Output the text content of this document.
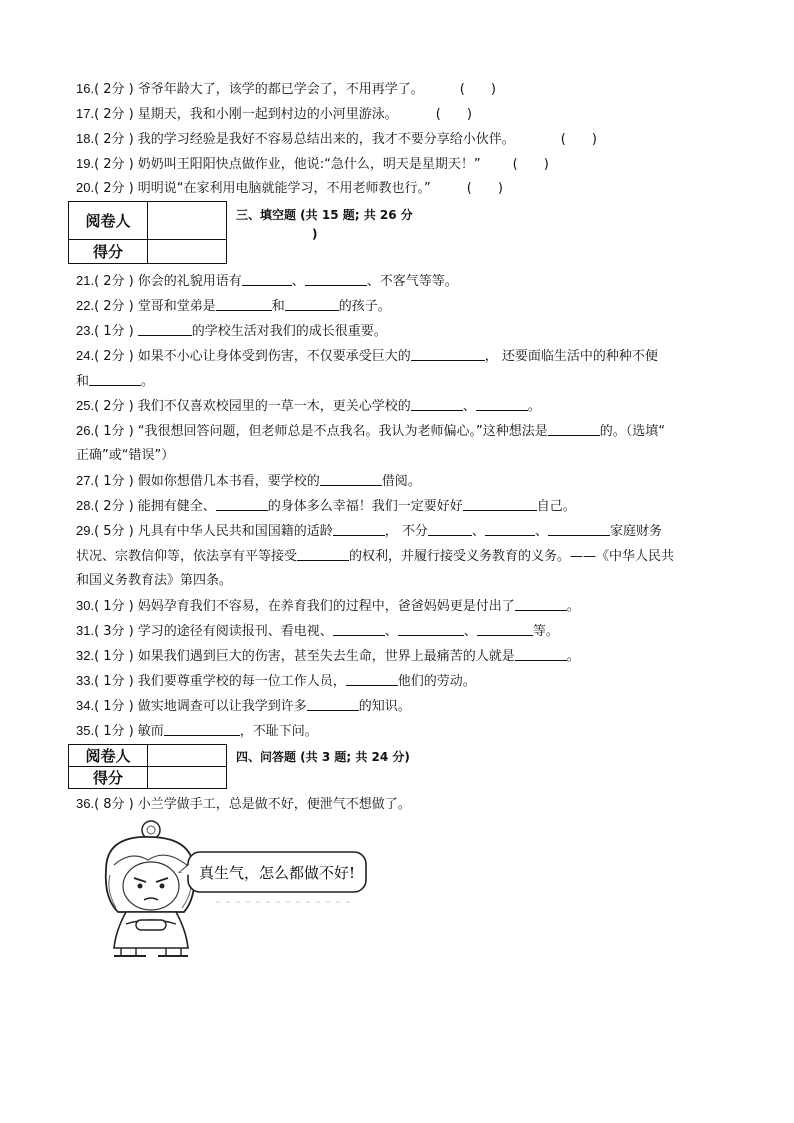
16.( 2分 ) 爷爷年龄大了，该学的都已学会了，不用再学了。	(　　)
17.( 2分 ) 星期天，我和小刚一起到村边的小河里游泳。	(　　)
18.( 2分 ) 我的学习经验是我好不容易总结出来的，我才不要分享给小伙伴。	(　　)
19.( 2分 ) 奶奶叫王阳阳快点做作业，他说:“急什么，明天是星期天！” (　　)
20.( 2分 ) 明明说“在家利用电脑就能学习，不用老师教也行。”	(　　)
阅卷人	
得分	
三、填空题 (共 15 题; 共 26 分
)
21.( 2分 ) 你会的礼貌用语有	、	、不客气等等。
22.( 2分 ) 堂哥和堂弟是	和	的孩子。
23.( 1分 )	的学校生活对我们的成长很重要。
24.( 2分 ) 如果不小心让身体受到伤害，不仅要承受巨大的	， 还要面临生活中的种种不便
和	。
25.( 2分 ) 我们不仅喜欢校园里的一草一木，更关心学校的	、	。
26.( 1分 ) “我很想回答问题，但老师总是不点我名。我认为老师偏心。”这种想法是	的。（选填“
正确”或“错误”）
27.( 1分 ) 假如你想借几本书看，要学校的	借阅。
28.( 2分 ) 能拥有健全、	的身体多么幸福！我们一定要好好	自己。
29.( 5分 ) 凡具有中华人民共和国国籍的适龄	， 不分	、	、	家庭财务
状况、宗教信仰等，依法享有平等接受	的权利，并履行接受义务教育的义务。——《中华人民共
和国义务教育法》第四条。
30.( 1分 ) 妈妈孕育我们不容易，在养育我们的过程中，爸爸妈妈更是付出了	。
31.( 3分 ) 学习的途径有阅读报刊、看电视、	、	、	等。
32.( 1分 ) 如果我们遇到巨大的伤害，甚至失去生命，世界上最痛苦的人就是	。
33.( 1分 ) 我们要尊重学校的每一位工作人员，	他们的劳动。
34.( 1分 ) 做实地调查可以让我学到许多	的知识。
35.( 1分 ) 敏而	，不耻下问。
阅卷人	
得分	
四、问答题 (共 3 题; 共 24 分)
36.( 8分 ) 小兰学做手工，总是做不好，便泄气不想做了。
真生气，怎么都做不好!
